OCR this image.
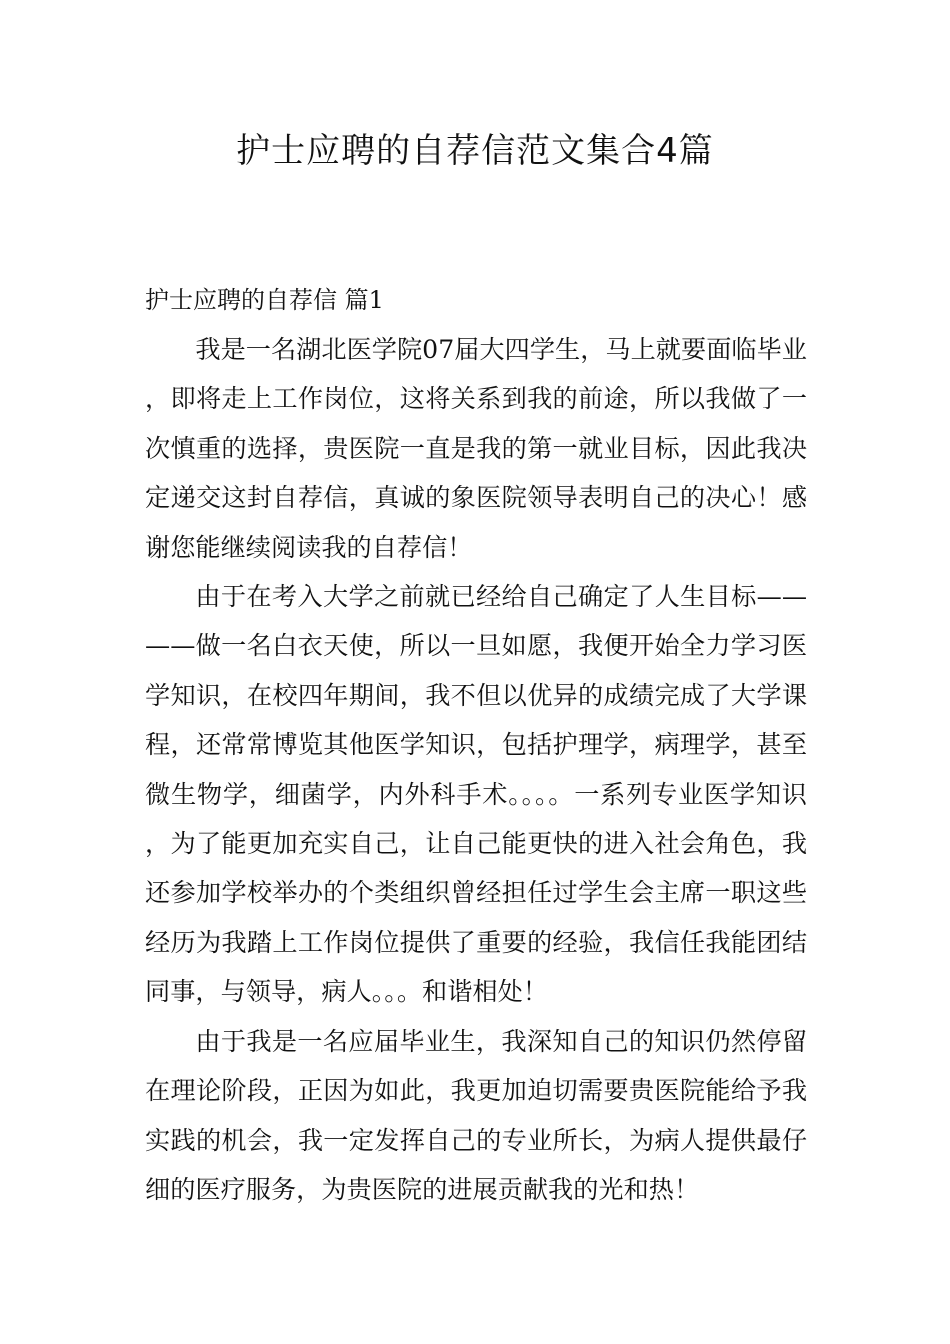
护士应聘的自荐信范文集合4篇
护士应聘的自荐信 篇1

我是一名湖北医学院07届大四学生，马上就要面临毕业，即将走上工作岗位，这将关系到我的前途，所以我做了一次慎重的选择，贵医院一直是我的第一就业目标，因此我决定递交这封自荐信，真诚的象医院领导表明自己的决心！感谢您能继续阅读我的自荐信！

由于在考入大学之前就已经给自己确定了人生目标————做一名白衣天使，所以一旦如愿，我便开始全力学习医学知识，在校四年期间，我不但以优异的成绩完成了大学课程，还常常博览其他医学知识，包括护理学，病理学，甚至微生物学，细菌学，内外科手术。。。。一系列专业医学知识，为了能更加充实自己，让自己能更快的进入社会角色，我还参加学校举办的个类组织曾经担任过学生会主席一职这些经历为我踏上工作岗位提供了重要的经验，我信任我能团结同事，与领导，病人。。。和谐相处！

由于我是一名应届毕业生，我深知自己的知识仍然停留在理论阶段，正因为如此，我更加迫切需要贵医院能给予我实践的机会，我一定发挥自己的专业所长，为病人提供最仔细的医疗服务，为贵医院的进展贡献我的光和热！
